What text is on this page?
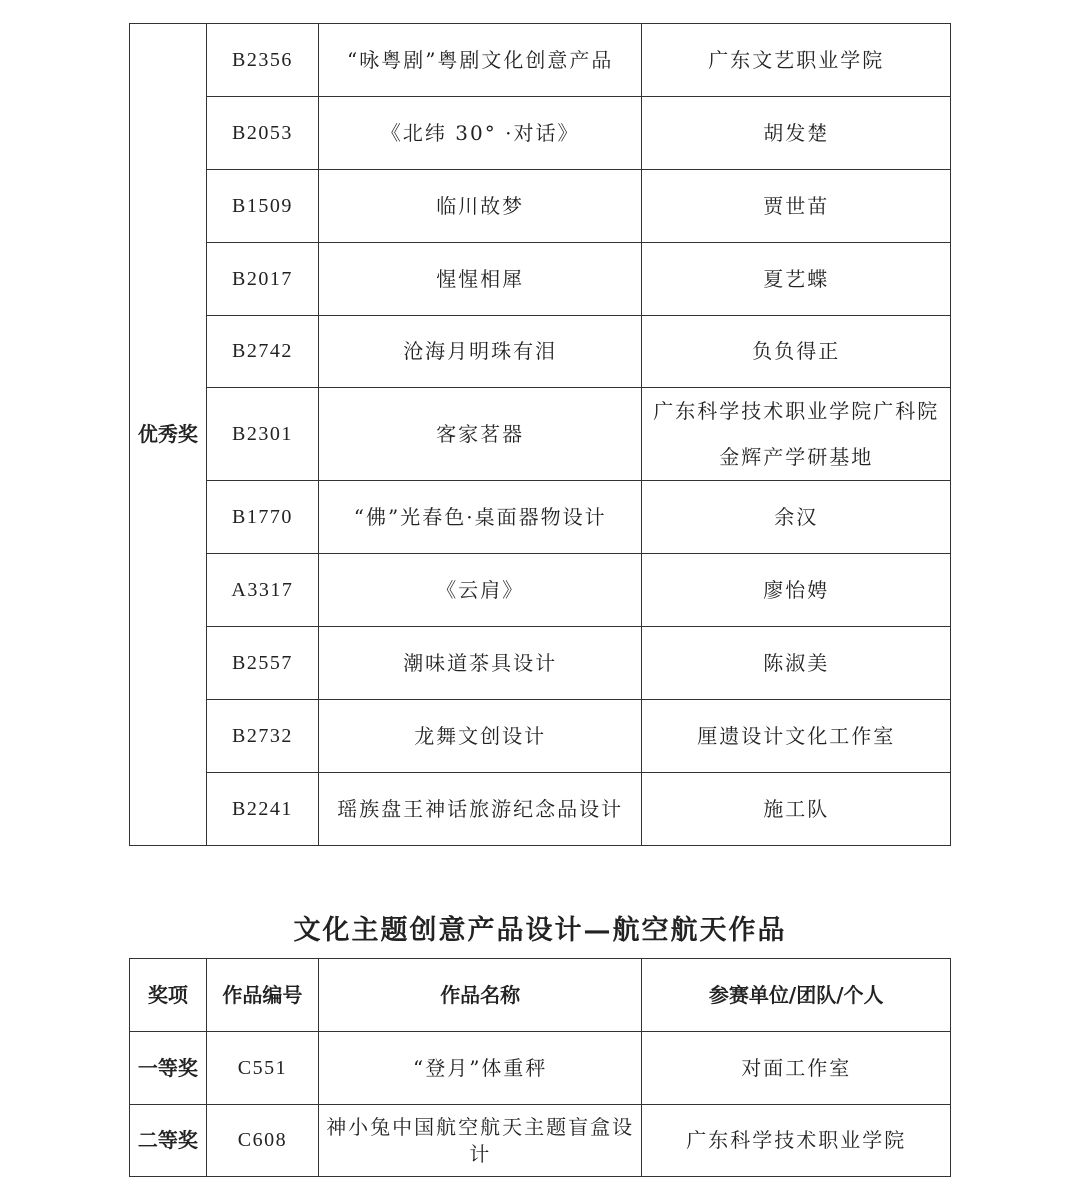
优秀奖	B2356	“咏粤剧”粤剧文化创意产品	广东文艺职业学院
	B2053	《北纬 30° ·对话》	胡发楚
	B1509	临川故梦	贾世苗
	B2017	惺惺相犀	夏艺蝶
	B2742	沧海月明珠有泪	负负得正
	B2301	客家茗器	广东科学技术职业学院广科院金辉产学研基地
	B1770	“佛”光春色·桌面器物设计	余汉
	A3317	《云肩》	廖怡娉
	B2557	潮味道茶具设计	陈淑美
	B2732	龙舞文创设计	厘遗设计文化工作室
	B2241	瑶族盘王神话旅游纪念品设计	施工队
文化主题创意产品设计—航空航天作品
奖项	作品编号	作品名称	参赛单位/团队/个人
一等奖	C551	“登月”体重秤	对面工作室
二等奖	C608	神小兔中国航空航天主题盲盒设计	广东科学技术职业学院
